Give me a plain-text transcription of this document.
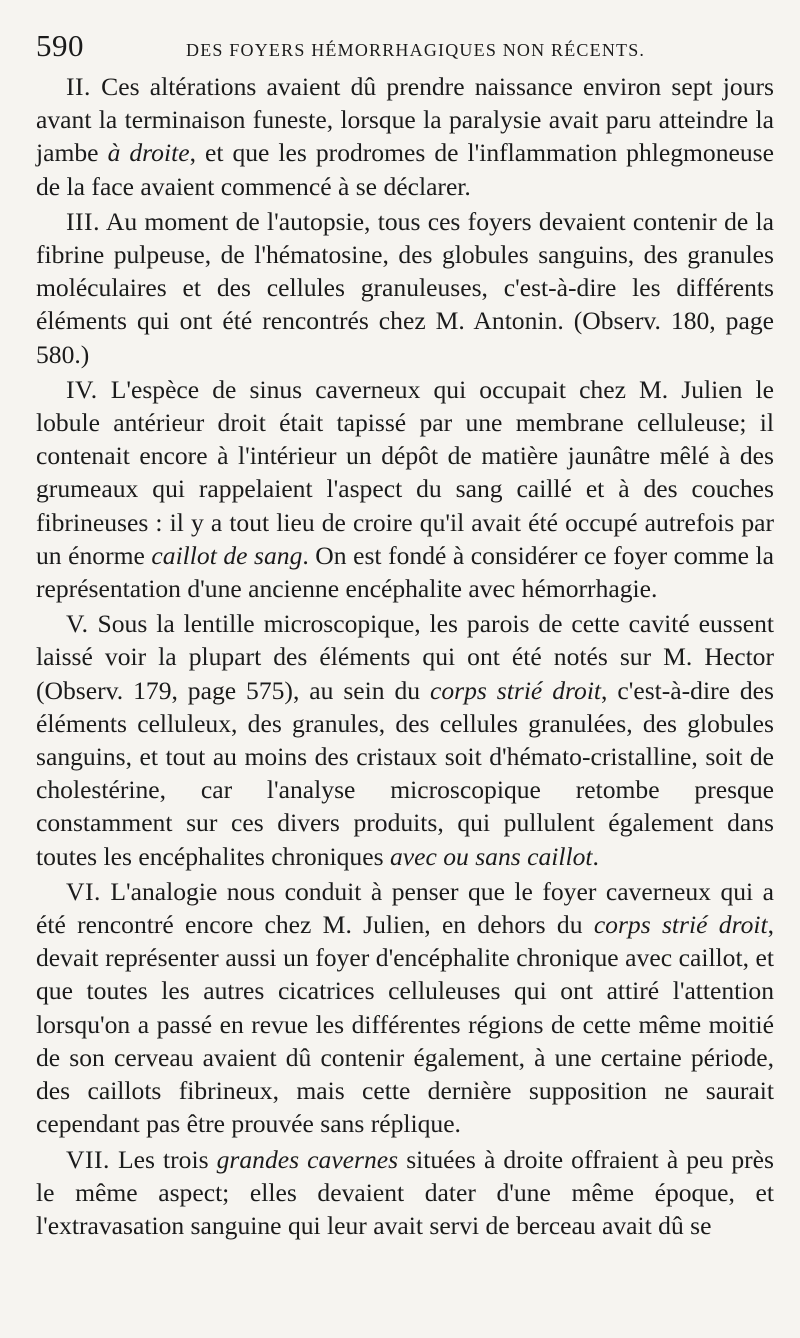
590	DES FOYERS HÉMORRHAGIQUES NON RÉCENTS.

II. Ces altérations avaient dû prendre naissance environ sept jours avant la terminaison funeste, lorsque la paralysie avait paru atteindre la jambe à droite, et que les prodromes de l'inflammation phlegmoneuse de la face avaient commencé à se déclarer.

III. Au moment de l'autopsie, tous ces foyers devaient contenir de la fibrine pulpeuse, de l'hématosine, des globules sanguins, des granules moléculaires et des cellules granuleuses, c'est-à-dire les différents éléments qui ont été rencontrés chez M. Antonin. (Observ. 180, page 580.)

IV. L'espèce de sinus caverneux qui occupait chez M. Julien le lobule antérieur droit était tapissé par une membrane celluleuse; il contenait encore à l'intérieur un dépôt de matière jaunâtre mêlé à des grumeaux qui rappelaient l'aspect du sang caillé et à des couches fibrineuses : il y a tout lieu de croire qu'il avait été occupé autrefois par un énorme caillot de sang. On est fondé à considérer ce foyer comme la représentation d'une ancienne encéphalite avec hémorrhagie.

V. Sous la lentille microscopique, les parois de cette cavité eussent laissé voir la plupart des éléments qui ont été notés sur M. Hector (Observ. 179, page 575), au sein du corps strié droit, c'est-à-dire des éléments celluleux, des granules, des cellules granulées, des globules sanguins, et tout au moins des cristaux soit d'hémato-cristalline, soit de cholestérine, car l'analyse microscopique retombe presque constamment sur ces divers produits, qui pullulent également dans toutes les encéphalites chroniques avec ou sans caillot.

VI. L'analogie nous conduit à penser que le foyer caverneux qui a été rencontré encore chez M. Julien, en dehors du corps strié droit, devait représenter aussi un foyer d'encéphalite chronique avec caillot, et que toutes les autres cicatrices celluleuses qui ont attiré l'attention lorsqu'on a passé en revue les différentes régions de cette même moitié de son cerveau avaient dû contenir également, à une certaine période, des caillots fibrineux, mais cette dernière supposition ne saurait cependant pas être prouvée sans réplique.

VII. Les trois grandes cavernes situées à droite offraient à peu près le même aspect; elles devaient dater d'une même époque, et l'extravasation sanguine qui leur avait servi de berceau avait dû se
